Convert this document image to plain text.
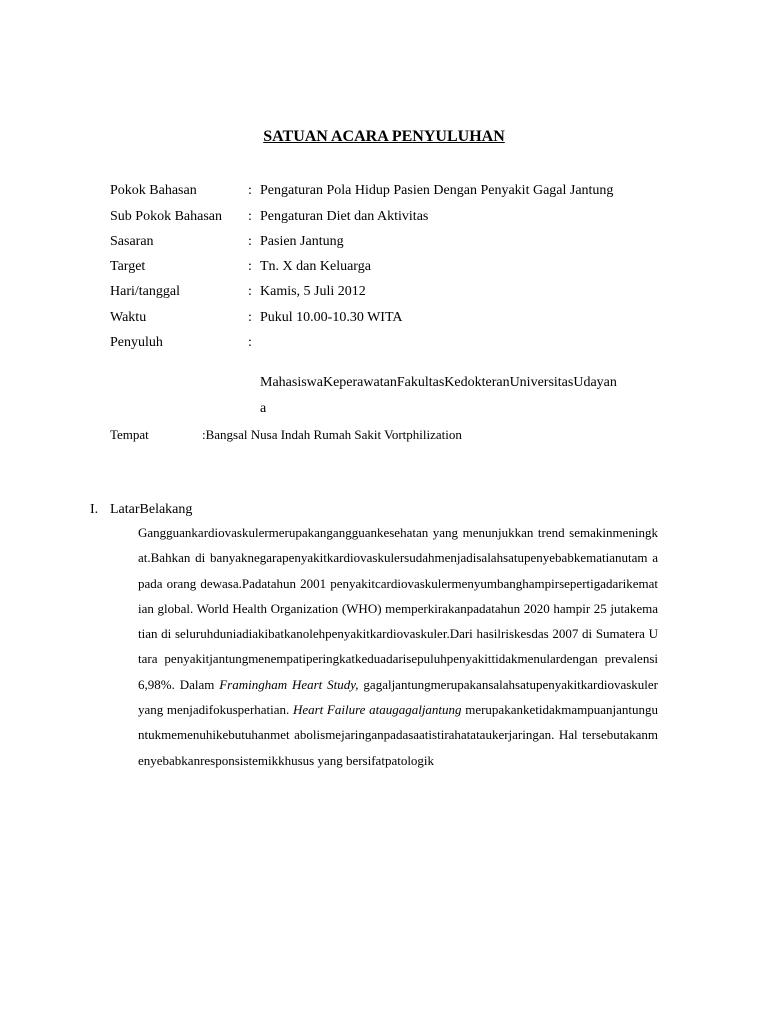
SATUAN ACARA PENYULUHAN
Pokok Bahasan	: Pengaturan Pola Hidup Pasien Dengan Penyakit Gagal Jantung
Sub Pokok Bahasan : Pengaturan Diet dan Aktivitas
Sasaran	: Pasien Jantung
Target	: Tn. X dan Keluarga
Hari/tanggal	: Kamis, 5 Juli 2012
Waktu	: Pukul 10.00-10.30 WITA
Penyuluh	:
MahasiswaKeperawatanFakultasKedokteranUniversitasUdayan
a
Tempat	:Bangsal Nusa Indah Rumah Sakit Vortphilization
I. LatarBelakang
Gangguankardiovaskulermerupakangangguankesehatan yang menunjukkan trend semakinmeningkat.Bahkan di banyaknegarapenyakitkardiovaskulersudahmenjadisalahsatupenyebabkematianutam apada orang dewasa.Padatahun 2001 penyakitcardiovaskulermenyumbanghampirsepertigadarikematian global. World Health Organization (WHO) memperkirakanpadatahun 2020 hampir 25 jutakematian di seluruhduniadiakibatkanolehpenyakitkardiovaskuler.Dari hasilriskesdas 2007 di Sumatera Utara penyakitjantungmenempatiperingkatkeduadarisepuluhpenyakittidakmenulardengan prevalensi 6,98%. Dalam Framingham Heart Study, gagaljantungmerupakansalahsatupenyakitkardiovaskuler yang menjadifokusperhatian. Heart Failure ataugagaljantung merupakanketidakmampuanjantunguntukmemenuhikebutuhanmet abolismejaringanpadasaatistirahatataukerjaringan. Hal tersebutakanmenyebabkanresponsistemikkhusus yang bersifatpatologik
